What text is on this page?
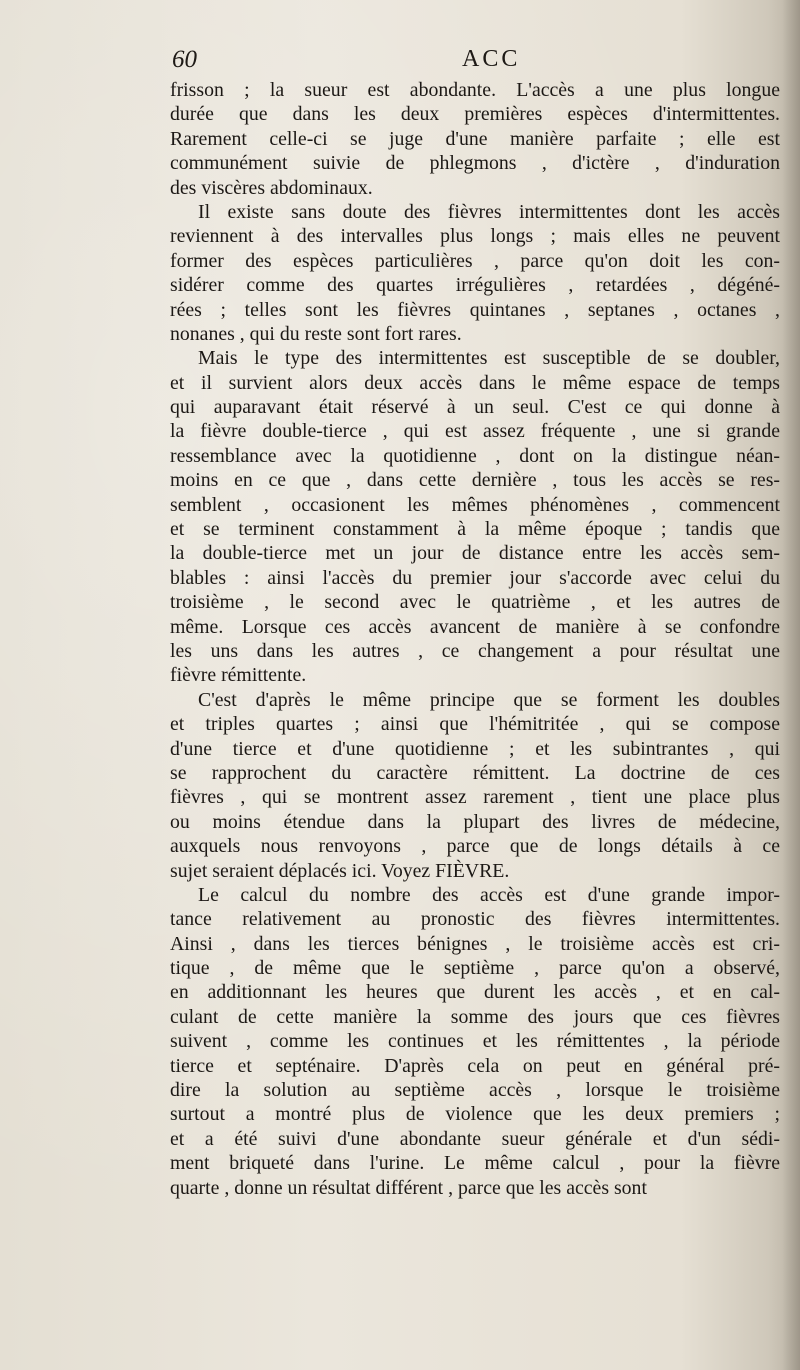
60	ACC
frisson ; la sueur est abondante. L'accès a une plus longue
durée que dans les deux premières espèces d'intermittentes.
Rarement celle-ci se juge d'une manière parfaite ; elle est
communément suivie de phlegmons , d'ictère , d'induration
des viscères abdominaux.
Il existe sans doute des fièvres intermittentes dont les accès
reviennent à des intervalles plus longs ; mais elles ne peuvent
former des espèces particulières , parce qu'on doit les con-
sidérer comme des quartes irrégulières , retardées , dégéné-
rées ; telles sont les fièvres quintanes , septanes , octanes ,
nonanes , qui du reste sont fort rares.
Mais le type des intermittentes est susceptible de se doubler,
et il survient alors deux accès dans le même espace de temps
qui auparavant était réservé à un seul. C'est ce qui donne à
la fièvre double-tierce , qui est assez fréquente , une si grande
ressemblance avec la quotidienne , dont on la distingue néan-
moins en ce que , dans cette dernière , tous les accès se res-
semblent , occasionent les mêmes phénomènes , commencent
et se terminent constamment à la même époque ; tandis que
la double-tierce met un jour de distance entre les accès sem-
blables : ainsi l'accès du premier jour s'accorde avec celui du
troisième , le second avec le quatrième , et les autres de
même. Lorsque ces accès avancent de manière à se confondre
les uns dans les autres , ce changement a pour résultat une
fièvre rémittente.
C'est d'après le même principe que se forment les doubles
et triples quartes ; ainsi que l'hémitritée , qui se compose
d'une tierce et d'une quotidienne ; et les subintrantes , qui
se rapprochent du caractère rémittent. La doctrine de ces
fièvres , qui se montrent assez rarement , tient une place plus
ou moins étendue dans la plupart des livres de médecine,
auxquels nous renvoyons , parce que de longs détails à ce
sujet seraient déplacés ici. Voyez FIÈVRE.
Le calcul du nombre des accès est d'une grande impor-
tance relativement au pronostic des fièvres intermittentes.
Ainsi , dans les tierces bénignes , le troisième accès est cri-
tique , de même que le septième , parce qu'on a observé,
en additionnant les heures que durent les accès , et en cal-
culant de cette manière la somme des jours que ces fièvres
suivent , comme les continues et les rémittentes , la période
tierce et septénaire. D'après cela on peut en général pré-
dire la solution au septième accès , lorsque le troisième
surtout a montré plus de violence que les deux premiers ;
et a été suivi d'une abondante sueur générale et d'un sédi-
ment briqueté dans l'urine. Le même calcul , pour la fièvre
quarte , donne un résultat différent , parce que les accès sont
